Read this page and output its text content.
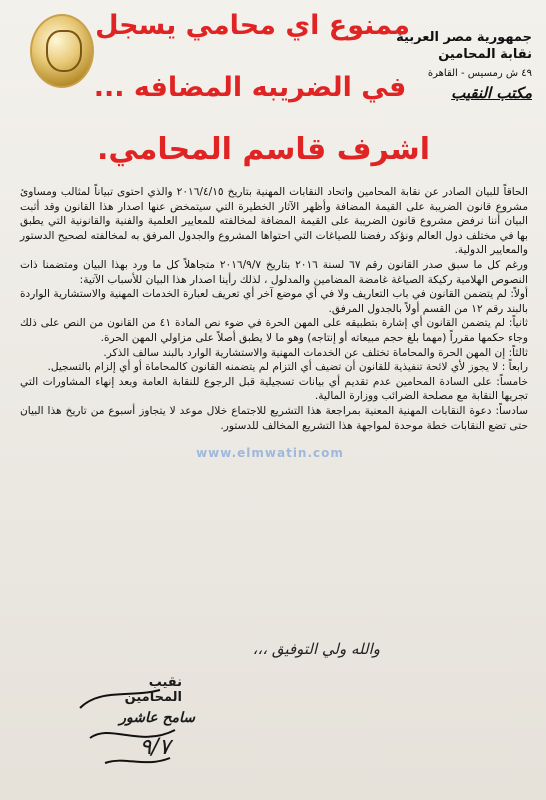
جمهورية مصر العربية
نقابة المحامين
٤٩ ش رمسيس - القاهرة
مكتب النقيب
ممنوع اي محامي يسجل
في الضريبه المضافه ...
اشرف قاسم المحامي.

الحاقاً للبيان الصادر عن نقابة المحامين واتحاد النقابات المهنية بتاريخ ٢٠١٦/٤/١٥ والذي احتوى تبياناً لمثالب ومساوئ مشروع قانون الضريبة على القيمة المضافة وأظهر الآثار الخطيرة التي سيتمخض عنها اصدار هذا القانون وقد أثبت البيان أننا نرفض مشروع قانون الضريبة على القيمة المضافة لمخالفته للمعايير العلمية والفنية والقانونية التي يطبق بها في مختلف دول العالم ونؤكد رفضنا للصياغات التي احتواها المشروع والجدول المرفق به لمخالفته لصحيح الدستور والمعايير الدولية.

ورغم كل ما سبق صدر القانون رقم ٦٧ لسنة ٢٠١٦ بتاريخ ٢٠١٦/٩/٧ متجاهلاً كل ما ورد بهذا البيان ومتضمنا ذات النصوص الهلامية ركيكة الصياغة غامضة المضامين والمدلول ، لذلك رأينا اصدار هذا البيان للأسباب الآتية:

أولاً: لم يتضمن القانون في باب التعاريف ولا في أي موضع آخر أي تعريف لعبارة الخدمات المهنية والاستشارية الواردة بالبند رقم ١٢ من القسم أولاً بالجدول المرفق.

ثانياً: لم يتضمن القانون أي إشارة بتطبيقه على المهن الحرة في ضوء نص المادة ٤١ من القانون من النص على ذلك وجاء حكمها مقرراً (مهما بلغ حجم مبيعاته أو إنتاجه) وهو ما لا يطبق أصلاً على مزاولي المهن الحرة.

ثالثاً: إن المهن الحرة والمحاماة تختلف عن الخدمات المهنية والاستشارية الوارد بالبند سالف الذكر.

رابعاً : لا يجوز لأي لائحة تنفيذية للقانون أن تضيف أي التزام لم يتضمنه القانون كالمحاماة أو أي إلزام بالتسجيل.

خامساً: على السادة المحامين عدم تقديم أي بيانات تسجيلية قبل الرجوع للنقابة العامة وبعد إنهاء المشاورات التي تجريها النقابة مع مصلحة الضرائب ووزارة المالية.

سادساً: دعوة النقابات المهنية المعنية بمراجعة هذا التشريع للاجتماع خلال موعد لا يتجاوز أسبوع من تاريخ هذا البيان حتى تضع النقابات خطة موحدة لمواجهة هذا التشريع المخالف للدستور.

www.elmwatin.com
والله ولي التوفيق ،،،
نقيب المحامين
سامح عاشور
٩/٧
